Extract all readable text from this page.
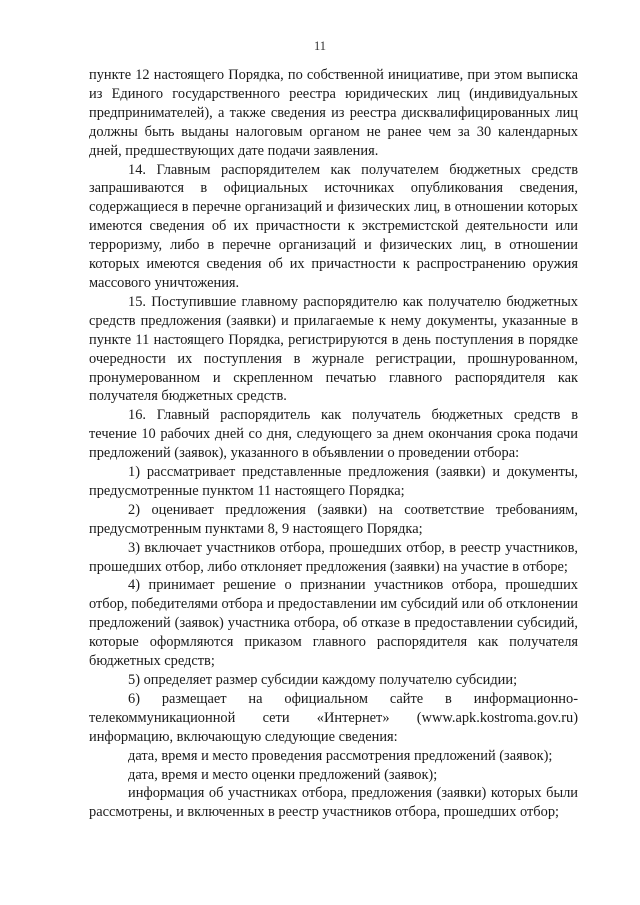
11

пункте 12 настоящего Порядка, по собственной инициативе, при этом выписка из Единого государственного реестра юридических лиц (индивидуальных предпринимателей), а также сведения из реестра дисквалифицированных лиц должны быть выданы налоговым органом не ранее чем за 30 календарных дней, предшествующих дате подачи заявления.

14. Главным распорядителем как получателем бюджетных средств запрашиваются в официальных источниках опубликования сведения, содержащиеся в перечне организаций и физических лиц, в отношении которых имеются сведения об их причастности к экстремистской деятельности или терроризму, либо в перечне организаций и физических лиц, в отношении которых имеются сведения об их причастности к распространению оружия массового уничтожения.

15. Поступившие главному распорядителю как получателю бюджетных средств предложения (заявки) и прилагаемые к нему документы, указанные в пункте 11 настоящего Порядка, регистрируются в день поступления в порядке очередности их поступления в журнале регистрации, прошнурованном, пронумерованном и скрепленном печатью главного распорядителя как получателя бюджетных средств.

16. Главный распорядитель как получатель бюджетных средств в течение 10 рабочих дней со дня, следующего за днем окончания срока подачи предложений (заявок), указанного в объявлении о проведении отбора:

1) рассматривает представленные предложения (заявки) и документы, предусмотренные пунктом 11 настоящего Порядка;

2) оценивает предложения (заявки) на соответствие требованиям, предусмотренным пунктами 8, 9 настоящего Порядка;

3) включает участников отбора, прошедших отбор, в реестр участников, прошедших отбор, либо отклоняет предложения (заявки) на участие в отборе;

4) принимает решение о признании участников отбора, прошедших отбор, победителями отбора и предоставлении им субсидий или об отклонении предложений (заявок) участника отбора, об отказе в предоставлении субсидий, которые оформляются приказом главного распорядителя как получателя бюджетных средств;

5) определяет размер субсидии каждому получателю субсидии;

6) размещает на официальном сайте в информационно-телекоммуникационной сети «Интернет» (www.apk.kostroma.gov.ru) информацию, включающую следующие сведения:

дата, время и место проведения рассмотрения предложений (заявок);

дата, время и место оценки предложений (заявок);

информация об участниках отбора, предложения (заявки) которых были рассмотрены, и включенных в реестр участников отбора, прошедших отбор;
